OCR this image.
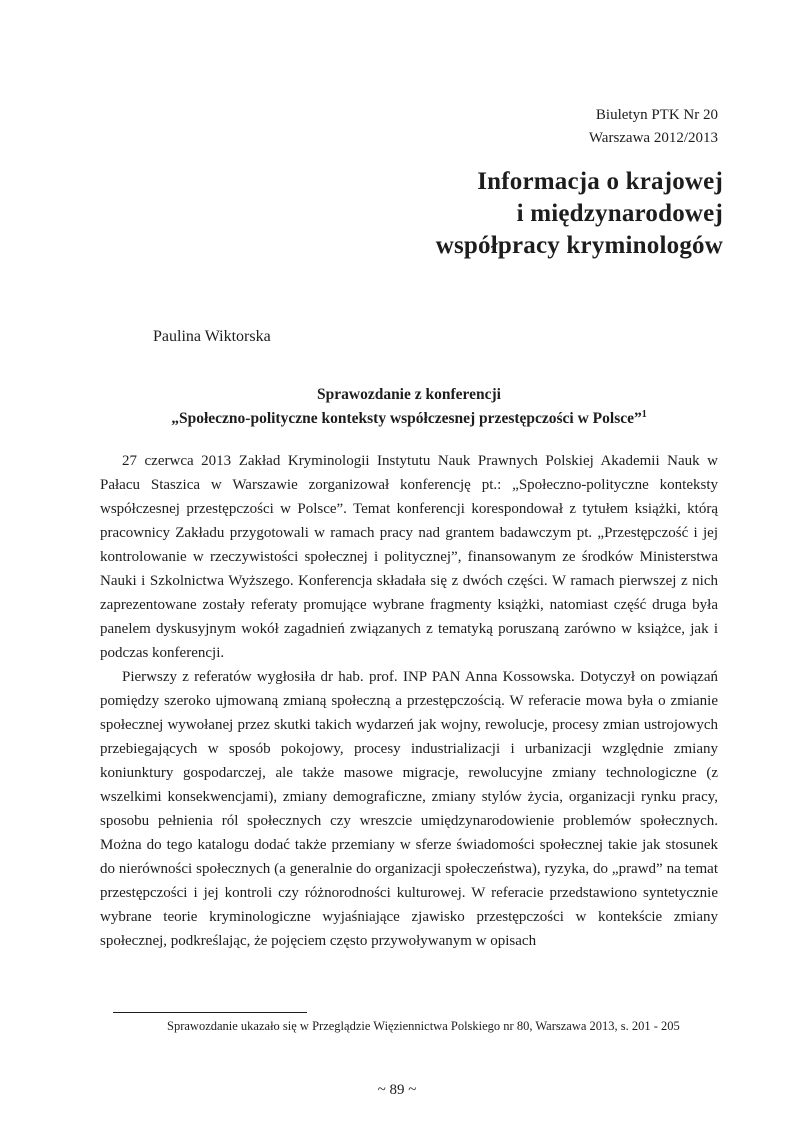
Biuletyn PTK Nr 20
Warszawa 2012/2013
Informacja o krajowej
i międzynarodowej
współpracy kryminologów
Paulina Wiktorska
Sprawozdanie z konferencji
„Społeczno-polityczne konteksty współczesnej przestępczości w Polsce”$^1$

27 czerwca 2013 Zakład Kryminologii Instytutu Nauk Prawnych Polskiej Akademii Nauk w Pałacu Staszica w Warszawie zorganizował konferencję pt.: „Społeczno-polityczne konteksty współczesnej przestępczości w Polsce”. Temat konferencji korespondował z tytułem książki, którą pracownicy Zakładu przygotowali w ramach pracy nad grantem badawczym pt. „Przestępczość i jej kontrolowanie w rzeczywistości społecznej i politycznej”, finansowanym ze środków Ministerstwa Nauki i Szkolnictwa Wyższego. Konferencja składała się z dwóch części. W ramach pierwszej z nich zaprezentowane zostały referaty promujące wybrane fragmenty książki, natomiast część druga była panelem dyskusyjnym wokół zagadnień związanych z tematyką poruszaną zarówno w książce, jak i podczas konferencji.

Pierwszy z referatów wygłosiła dr hab. prof. INP PAN Anna Kossowska. Dotyczył on powiązań pomiędzy szeroko ujmowaną zmianą społeczną a przestępczością. W referacie mowa była o zmianie społecznej wywołanej przez skutki takich wydarzeń jak wojny, rewolucje, procesy zmian ustrojowych przebiegających w sposób pokojowy, procesy industrializacji i urbanizacji względnie zmiany koniunktury gospodarczej, ale także masowe migracje, rewolucyjne zmiany technologiczne (z wszelkimi konsekwencjami), zmiany demograficzne, zmiany stylów życia, organizacji rynku pracy, sposobu pełnienia ról społecznych czy wreszcie umiędzynarodowienie problemów społecznych. Można do tego katalogu dodać także przemiany w sferze świadomości społecznej takie jak stosunek do nierówności społecznych (a generalnie do organizacji społeczeństwa), ryzyka, do „prawd” na temat przestępczości i jej kontroli czy różnorodności kulturowej. W referacie przedstawiono syntetycznie wybrane teorie kryminologiczne wyjaśniające zjawisko przestępczości w kontekście zmiany społecznej, podkreślając, że pojęciem często przywoływanym w opisach

Sprawozdanie ukazało się w Przeglądzie Więziennictwa Polskiego nr 80, Warszawa 2013, s. 201 - 205

~ 89 ~
